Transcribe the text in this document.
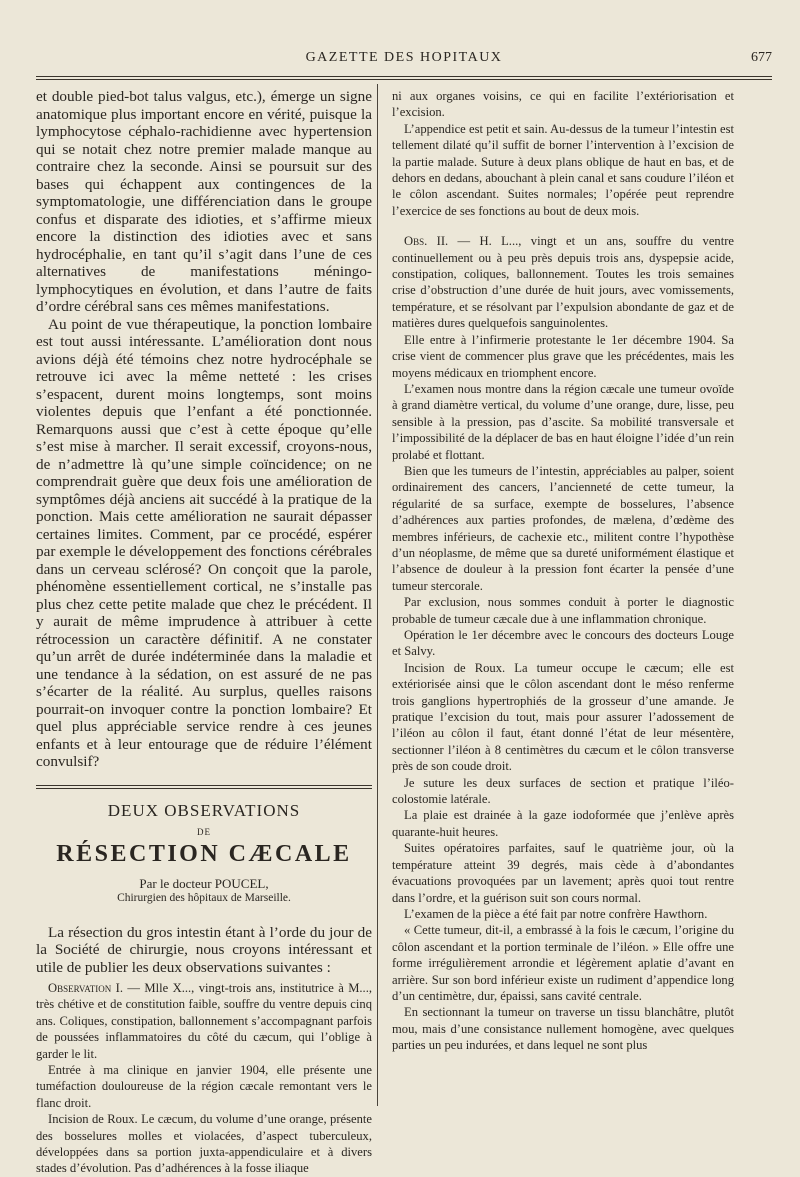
GAZETTE DES HOPITAUX	677

et double pied-bot talus valgus, etc.), émerge un signe anatomique plus important encore en vérité, puisque la lymphocytose céphalo-rachidienne avec hypertension qui se notait chez notre premier malade manque au contraire chez la seconde. Ainsi se poursuit sur des bases qui échappent aux contingences de la symptomatologie, une différenciation dans le groupe confus et disparate des idioties, et s’affirme mieux encore la distinction des idioties avec et sans hydrocéphalie, en tant qu’il s’agit dans l’une de ces alternatives de manifestations méningo-lymphocytiques en évolution, et dans l’autre de faits d’ordre cérébral sans ces mêmes manifestations.

Au point de vue thérapeutique, la ponction lombaire est tout aussi intéressante. L’amélioration dont nous avions déjà été témoins chez notre hydrocéphale se retrouve ici avec la même netteté : les crises s’espacent, durent moins longtemps, sont moins violentes depuis que l’enfant a été ponctionnée. Remarquons aussi que c’est à cette époque qu’elle s’est mise à marcher. Il serait excessif, croyons-nous, de n’admettre là qu’une simple coïncidence; on ne comprendrait guère que deux fois une amélioration de symptômes déjà anciens ait succédé à la pratique de la ponction. Mais cette amélioration ne saurait dépasser certaines limites. Comment, par ce procédé, espérer par exemple le développement des fonctions cérébrales dans un cerveau sclérosé? On conçoit que la parole, phénomène essentiellement cortical, ne s’installe pas plus chez cette petite malade que chez le précédent. Il y aurait de même imprudence à attribuer à cette rétrocession un caractère définitif. A ne constater qu’un arrêt de durée indéterminée dans la maladie et une tendance à la sédation, on est assuré de ne pas s’écarter de la réalité. Au surplus, quelles raisons pourrait-on invoquer contre la ponction lombaire? Et quel plus appréciable service rendre à ces jeunes enfants et à leur entourage que de réduire l’élément convulsif?

DEUX OBSERVATIONS
DE
RÉSECTION CÆCALE
Par le docteur POUCEL,
Chirurgien des hôpitaux de Marseille.

La résection du gros intestin étant à l’orde du jour de la Société de chirurgie, nous croyons intéressant et utile de publier les deux observations suivantes :

Observation I. — Mlle X..., vingt-trois ans, institutrice à M..., très chétive et de constitution faible, souffre du ventre depuis cinq ans. Coliques, constipation, ballonnement s’accompagnant parfois de poussées inflammatoires du côté du cæcum, qui l’oblige à garder le lit.

Entrée à ma clinique en janvier 1904, elle présente une tuméfaction douloureuse de la région cæcale remontant vers le flanc droit.

Incision de Roux. Le cæcum, du volume d’une orange, présente des bosselures molles et violacées, d’aspect tuberculeux, développées dans sa portion juxta-appendiculaire et à divers stades d’évolution. Pas d’adhérences à la fosse iliaque

ni aux organes voisins, ce qui en facilite l’extériorisation et l’excision.

L’appendice est petit et sain. Au-dessus de la tumeur l’intestin est tellement dilaté qu’il suffit de borner l’intervention à l’excision de la partie malade. Suture à deux plans oblique de haut en bas, et de dehors en dedans, abouchant à plein canal et sans coudure l’iléon et le côlon ascendant. Suites normales; l’opérée peut reprendre l’exercice de ses fonctions au bout de deux mois.

Obs. II. — H. L..., vingt et un ans, souffre du ventre continuellement ou à peu près depuis trois ans, dyspepsie acide, constipation, coliques, ballonnement. Toutes les trois semaines crise d’obstruction d’une durée de huit jours, avec vomissements, température, et se résolvant par l’expulsion abondante de gaz et de matières dures quelquefois sanguinolentes.

Elle entre à l’infirmerie protestante le 1er décembre 1904. Sa crise vient de commencer plus grave que les précédentes, mais les moyens médicaux en triomphent encore.

L’examen nous montre dans la région cæcale une tumeur ovoïde à grand diamètre vertical, du volume d’une orange, dure, lisse, peu sensible à la pression, pas d’ascite. Sa mobilité transversale et l’impossibilité de la déplacer de bas en haut éloigne l’idée d’un rein prolabé et flottant.

Bien que les tumeurs de l’intestin, appréciables au palper, soient ordinairement des cancers, l’ancienneté de cette tumeur, la régularité de sa surface, exempte de bosselures, l’absence d’adhérences aux parties profondes, de mælena, d’œdème des membres inférieurs, de cachexie etc., militent contre l’hypothèse d’un néoplasme, de même que sa dureté uniformément élastique et l’absence de douleur à la pression font écarter la pensée d’une tumeur stercorale.

Par exclusion, nous sommes conduit à porter le diagnostic probable de tumeur cæcale due à une inflammation chronique.

Opération le 1er décembre avec le concours des docteurs Louge et Salvy.

Incision de Roux. La tumeur occupe le cæcum; elle est extériorisée ainsi que le côlon ascendant dont le méso renferme trois ganglions hypertrophiés de la grosseur d’une amande. Je pratique l’excision du tout, mais pour assurer l’adossement de l’iléon au côlon il faut, étant donné l’état de leur mésentère, sectionner l’iléon à 8 centimètres du cæcum et le côlon transverse près de son coude droit.

Je suture les deux surfaces de section et pratique l’iléo-colostomie latérale.

La plaie est drainée à la gaze iodoformée que j’enlève après quarante-huit heures.

Suites opératoires parfaites, sauf le quatrième jour, où la température atteint 39 degrés, mais cède à d’abondantes évacuations provoquées par un lavement; après quoi tout rentre dans l’ordre, et la guérison suit son cours normal.

L’examen de la pièce a été fait par notre confrère Hawthorn.

« Cette tumeur, dit-il, a embrassé à la fois le cæcum, l’origine du côlon ascendant et la portion terminale de l’iléon. » Elle offre une forme irrégulièrement arrondie et légèrement aplatie d’avant en arrière. Sur son bord inférieur existe un rudiment d’appendice long d’un centimètre, dur, épaissi, sans cavité centrale.

En sectionnant la tumeur on traverse un tissu blanchâtre, plutôt mou, mais d’une consistance nullement homogène, avec quelques parties un peu indurées, et dans lequel ne sont plus
